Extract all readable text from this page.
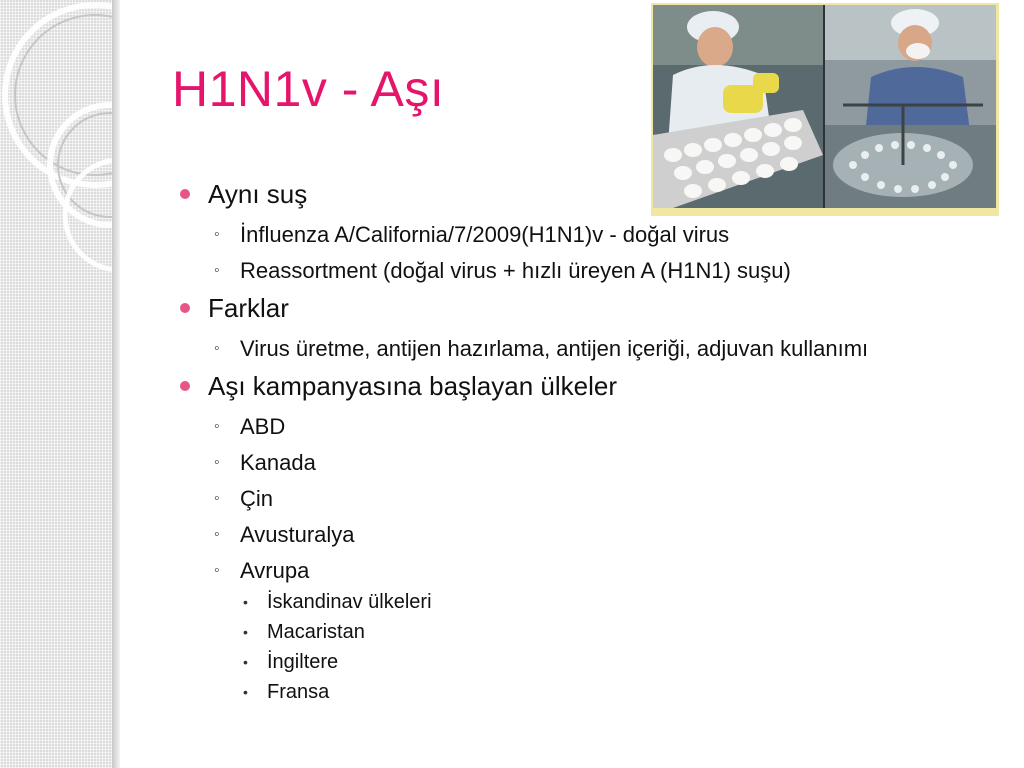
H1N1v - Aşı
Aynı suş
◦ İnfluenza A/California/7/2009(H1N1)v - doğal virus
◦ Reassortment (doğal virus + hızlı üreyen A (H1N1) suşu)
Farklar
◦ Virus üretme, antijen hazırlama, antijen içeriği, adjuvan kullanımı
Aşı kampanyasına başlayan ülkeler
◦ ABD
◦ Kanada
◦ Çin
◦ Avusturalya
◦ Avrupa
• İskandinav ülkeleri
• Macaristan
• İngiltere
• Fransa
